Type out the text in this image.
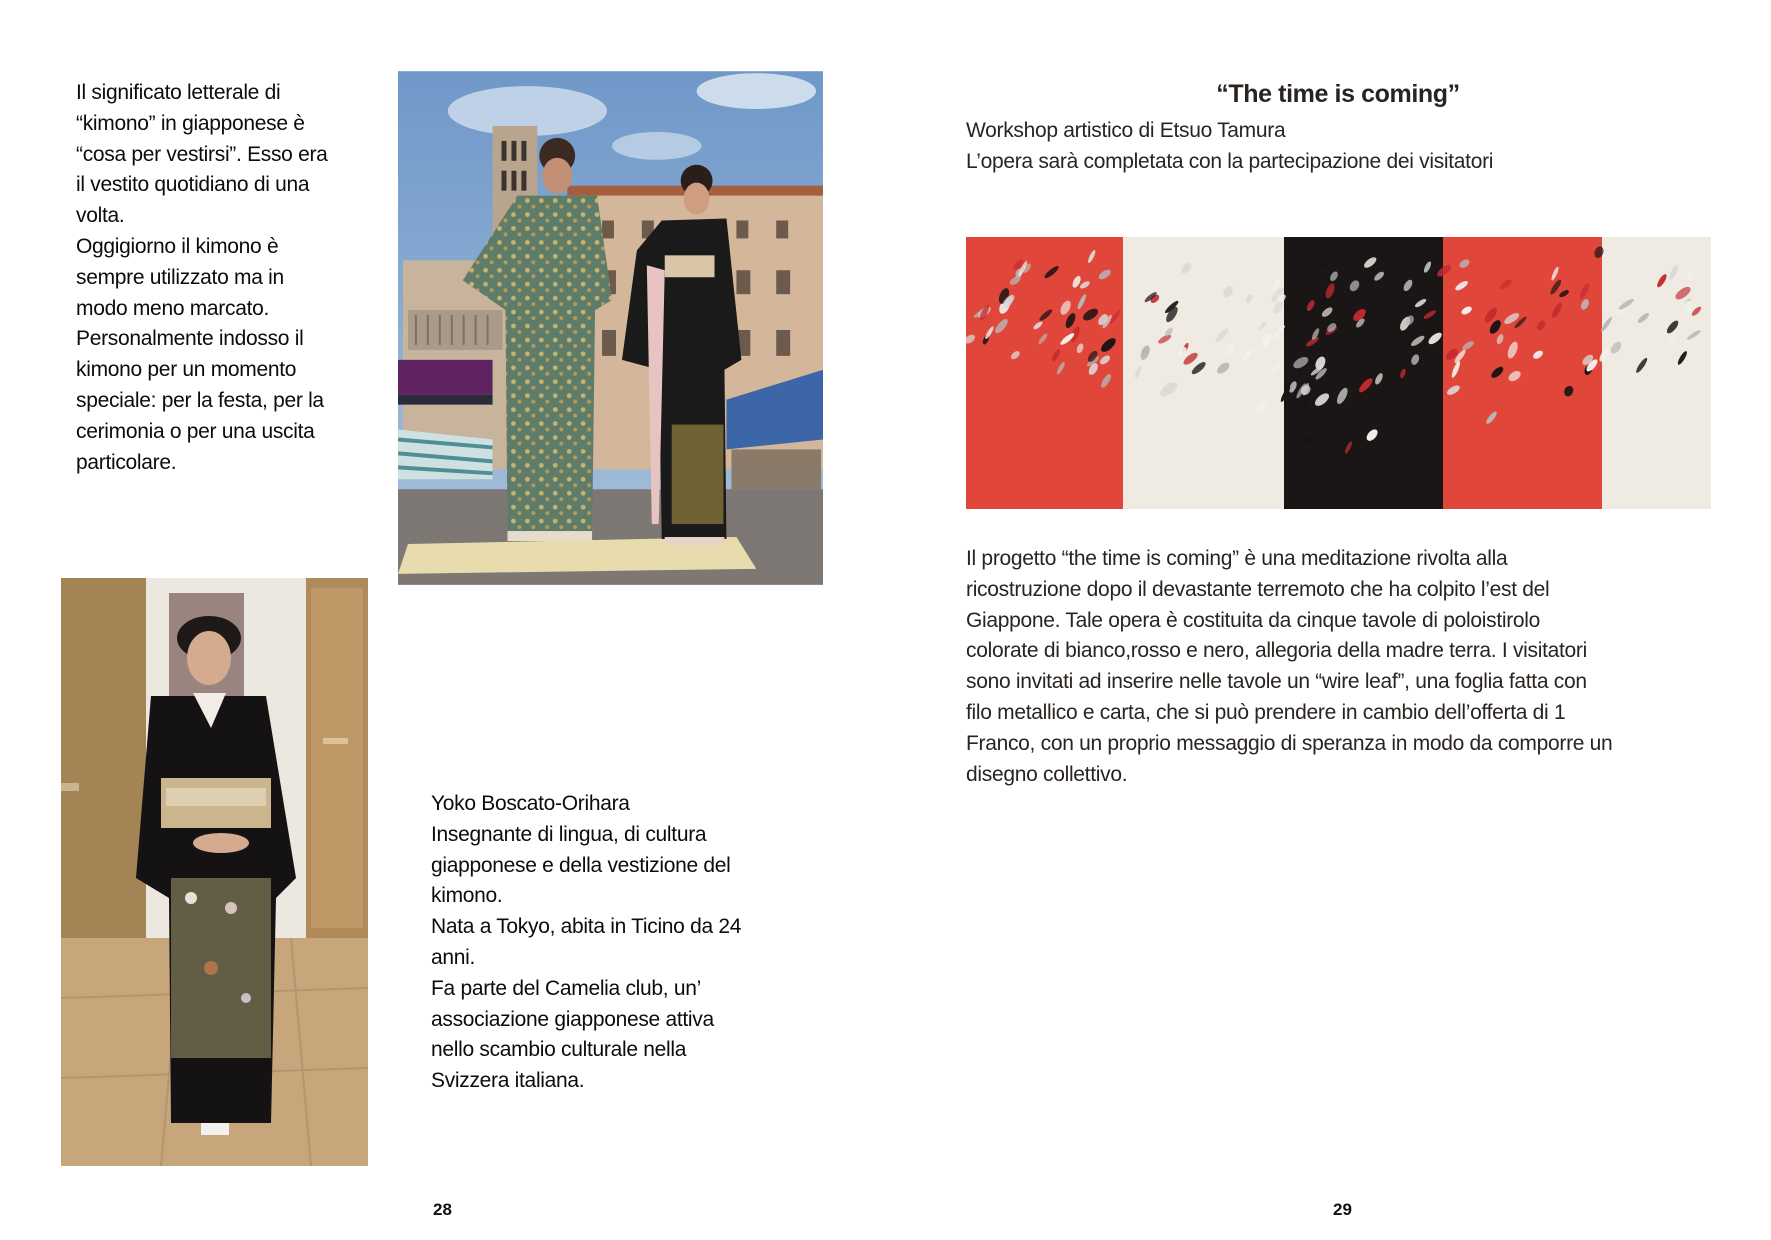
Il significato letterale di
“kimono” in giapponese è
“cosa per vestirsi”. Esso era
il vestito quotidiano di una
volta.
Oggigiorno il kimono è
sempre utilizzato ma in
modo meno marcato.
Personalmente indosso il
kimono per un momento
speciale: per la festa, per la
cerimonia o per una uscita
particolare.
Yoko Boscato-Orihara
Insegnante di lingua, di cultura
giapponese e della vestizione del
kimono.
Nata a Tokyo, abita in Ticino da 24
anni.
Fa parte del Camelia club, un’
associazione giapponese attiva
nello scambio culturale nella
Svizzera italiana.
28
“The time is coming”
Workshop artistico di Etsuo Tamura
L’opera sarà completata con la partecipazione dei visitatori
Il progetto “the time is coming” è una meditazione rivolta alla
ricostruzione dopo il devastante terremoto che ha colpito l’est del
Giappone. Tale opera è costituita da cinque tavole di poloistirolo
colorate di bianco,rosso e nero, allegoria della madre terra. I visitatori
sono invitati ad inserire nelle tavole un “wire leaf”, una foglia fatta con
filo metallico e carta, che si può prendere in cambio dell’offerta di 1
Franco, con un proprio messaggio di speranza in modo da comporre un
disegno collettivo.
29
